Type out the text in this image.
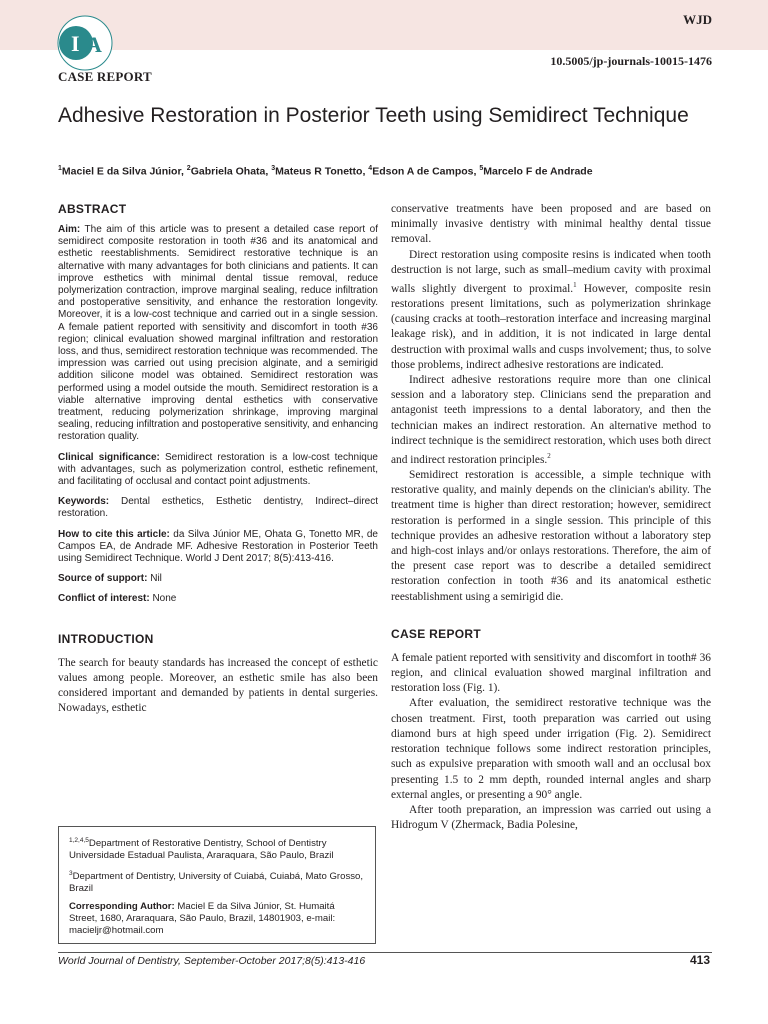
I A
WJD
10.5005/jp-journals-10015-1476
CASE REPORT
Adhesive Restoration in Posterior Teeth using Semidirect Technique
$^1$Maciel E da Silva Júnior, $^2$Gabriela Ohata, $^3$Mateus R Tonetto, $^4$Edson A de Campos, $^5$Marcelo F de Andrade
ABSTRACT

Aim: The aim of this article was to present a detailed case report of semidirect composite restoration in tooth #36 and its anatomical and esthetic reestablishments. Semidirect restorative technique is an alternative with many advantages for both clinicians and patients. It can improve esthetics with minimal dental tissue removal, reduce polymerization contraction, improve marginal sealing, reduce infiltration and postoperative sensitivity, and enhance the restoration longevity. Moreover, it is a low-cost technique and carried out in a single session. A female patient reported with sensitivity and discomfort in tooth #36 region; clinical evaluation showed marginal infiltration and restoration loss, and thus, semidirect restoration technique was recommended. The impression was carried out using precision alginate, and a semirigid addition silicone model was obtained. Semidirect restoration was performed using a model outside the mouth. Semidirect restoration is a viable alternative improving dental esthetics with conservative treatment, reducing polymerization shrinkage, improving marginal sealing, reducing infiltration and postoperative sensitivity, and enhancing restoration quality.

Clinical significance: Semidirect restoration is a low-cost technique with advantages, such as polymerization control, esthetic refinement, and facilitating of occlusal and contact point adjustments.

Keywords: Dental esthetics, Esthetic dentistry, Indirect–direct restoration.

How to cite this article: da Silva Júnior ME, Ohata G, Tonetto MR, de Campos EA, de Andrade MF. Adhesive Restoration in Posterior Teeth using Semidirect Technique. World J Dent 2017; 8(5):413-416.

Source of support: Nil

Conflict of interest: None

INTRODUCTION

The search for beauty standards has increased the concept of esthetic values among people. Moreover, an esthetic smile has also been considered important and demanded by patients in dental surgeries. Nowadays, esthetic

$^{1,2,4,5}$Department of Restorative Dentistry, School of Dentistry Universidade Estadual Paulista, Araraquara, São Paulo, Brazil

$^3$Department of Dentistry, University of Cuiabá, Cuiabá, Mato Grosso, Brazil

Corresponding Author: Maciel E da Silva Júnior, St. Humaitá Street, 1680, Araraquara, São Paulo, Brazil, 14801903, e-mail: macieljr@hotmail.com

conservative treatments have been proposed and are based on minimally invasive dentistry with minimal healthy dental tissue removal.

Direct restoration using composite resins is indicated when tooth destruction is not large, such as small–medium cavity with proximal walls slightly divergent to proximal.$^1$ However, composite resin restorations present limitations, such as polymerization shrinkage (causing cracks at tooth–restoration interface and increasing marginal leakage risk), and in addition, it is not indicated in large dental destruction with proximal walls and cusps involvement; thus, to solve those problems, indirect adhesive restorations are indicated.

Indirect adhesive restorations require more than one clinical session and a laboratory step. Clinicians send the preparation and antagonist teeth impressions to a dental laboratory, and then the technician makes an indirect restoration. An alternative method to indirect technique is the semidirect restoration, which uses both direct and indirect restoration principles.$^2$

Semidirect restoration is accessible, a simple technique with restorative quality, and mainly depends on the clinician's ability. The treatment time is higher than direct restoration; however, semidirect restoration is performed in a single session. This principle of this technique provides an adhesive restoration without a laboratory step and high-cost inlays and/or onlays restorations. Therefore, the aim of the present case report was to describe a detailed semidirect restoration confection in tooth #36 and its anatomical esthetic reestablishment using a semirigid die.

CASE REPORT

A female patient reported with sensitivity and discomfort in tooth# 36 region, and clinical evaluation showed marginal infiltration and restoration loss (Fig. 1).

After evaluation, the semidirect restorative technique was the chosen treatment. First, tooth preparation was carried out using diamond burs at high speed under irrigation (Fig. 2). Semidirect restoration technique follows some indirect restoration principles, such as expulsive preparation with smooth wall and an occlusal box presenting 1.5 to 2 mm depth, rounded internal angles and sharp external angles, or presenting a 90° angle.

After tooth preparation, an impression was carried out using a Hidrogum V (Zhermack, Badia Polesine,

World Journal of Dentistry, September-October 2017;8(5):413-416	413
